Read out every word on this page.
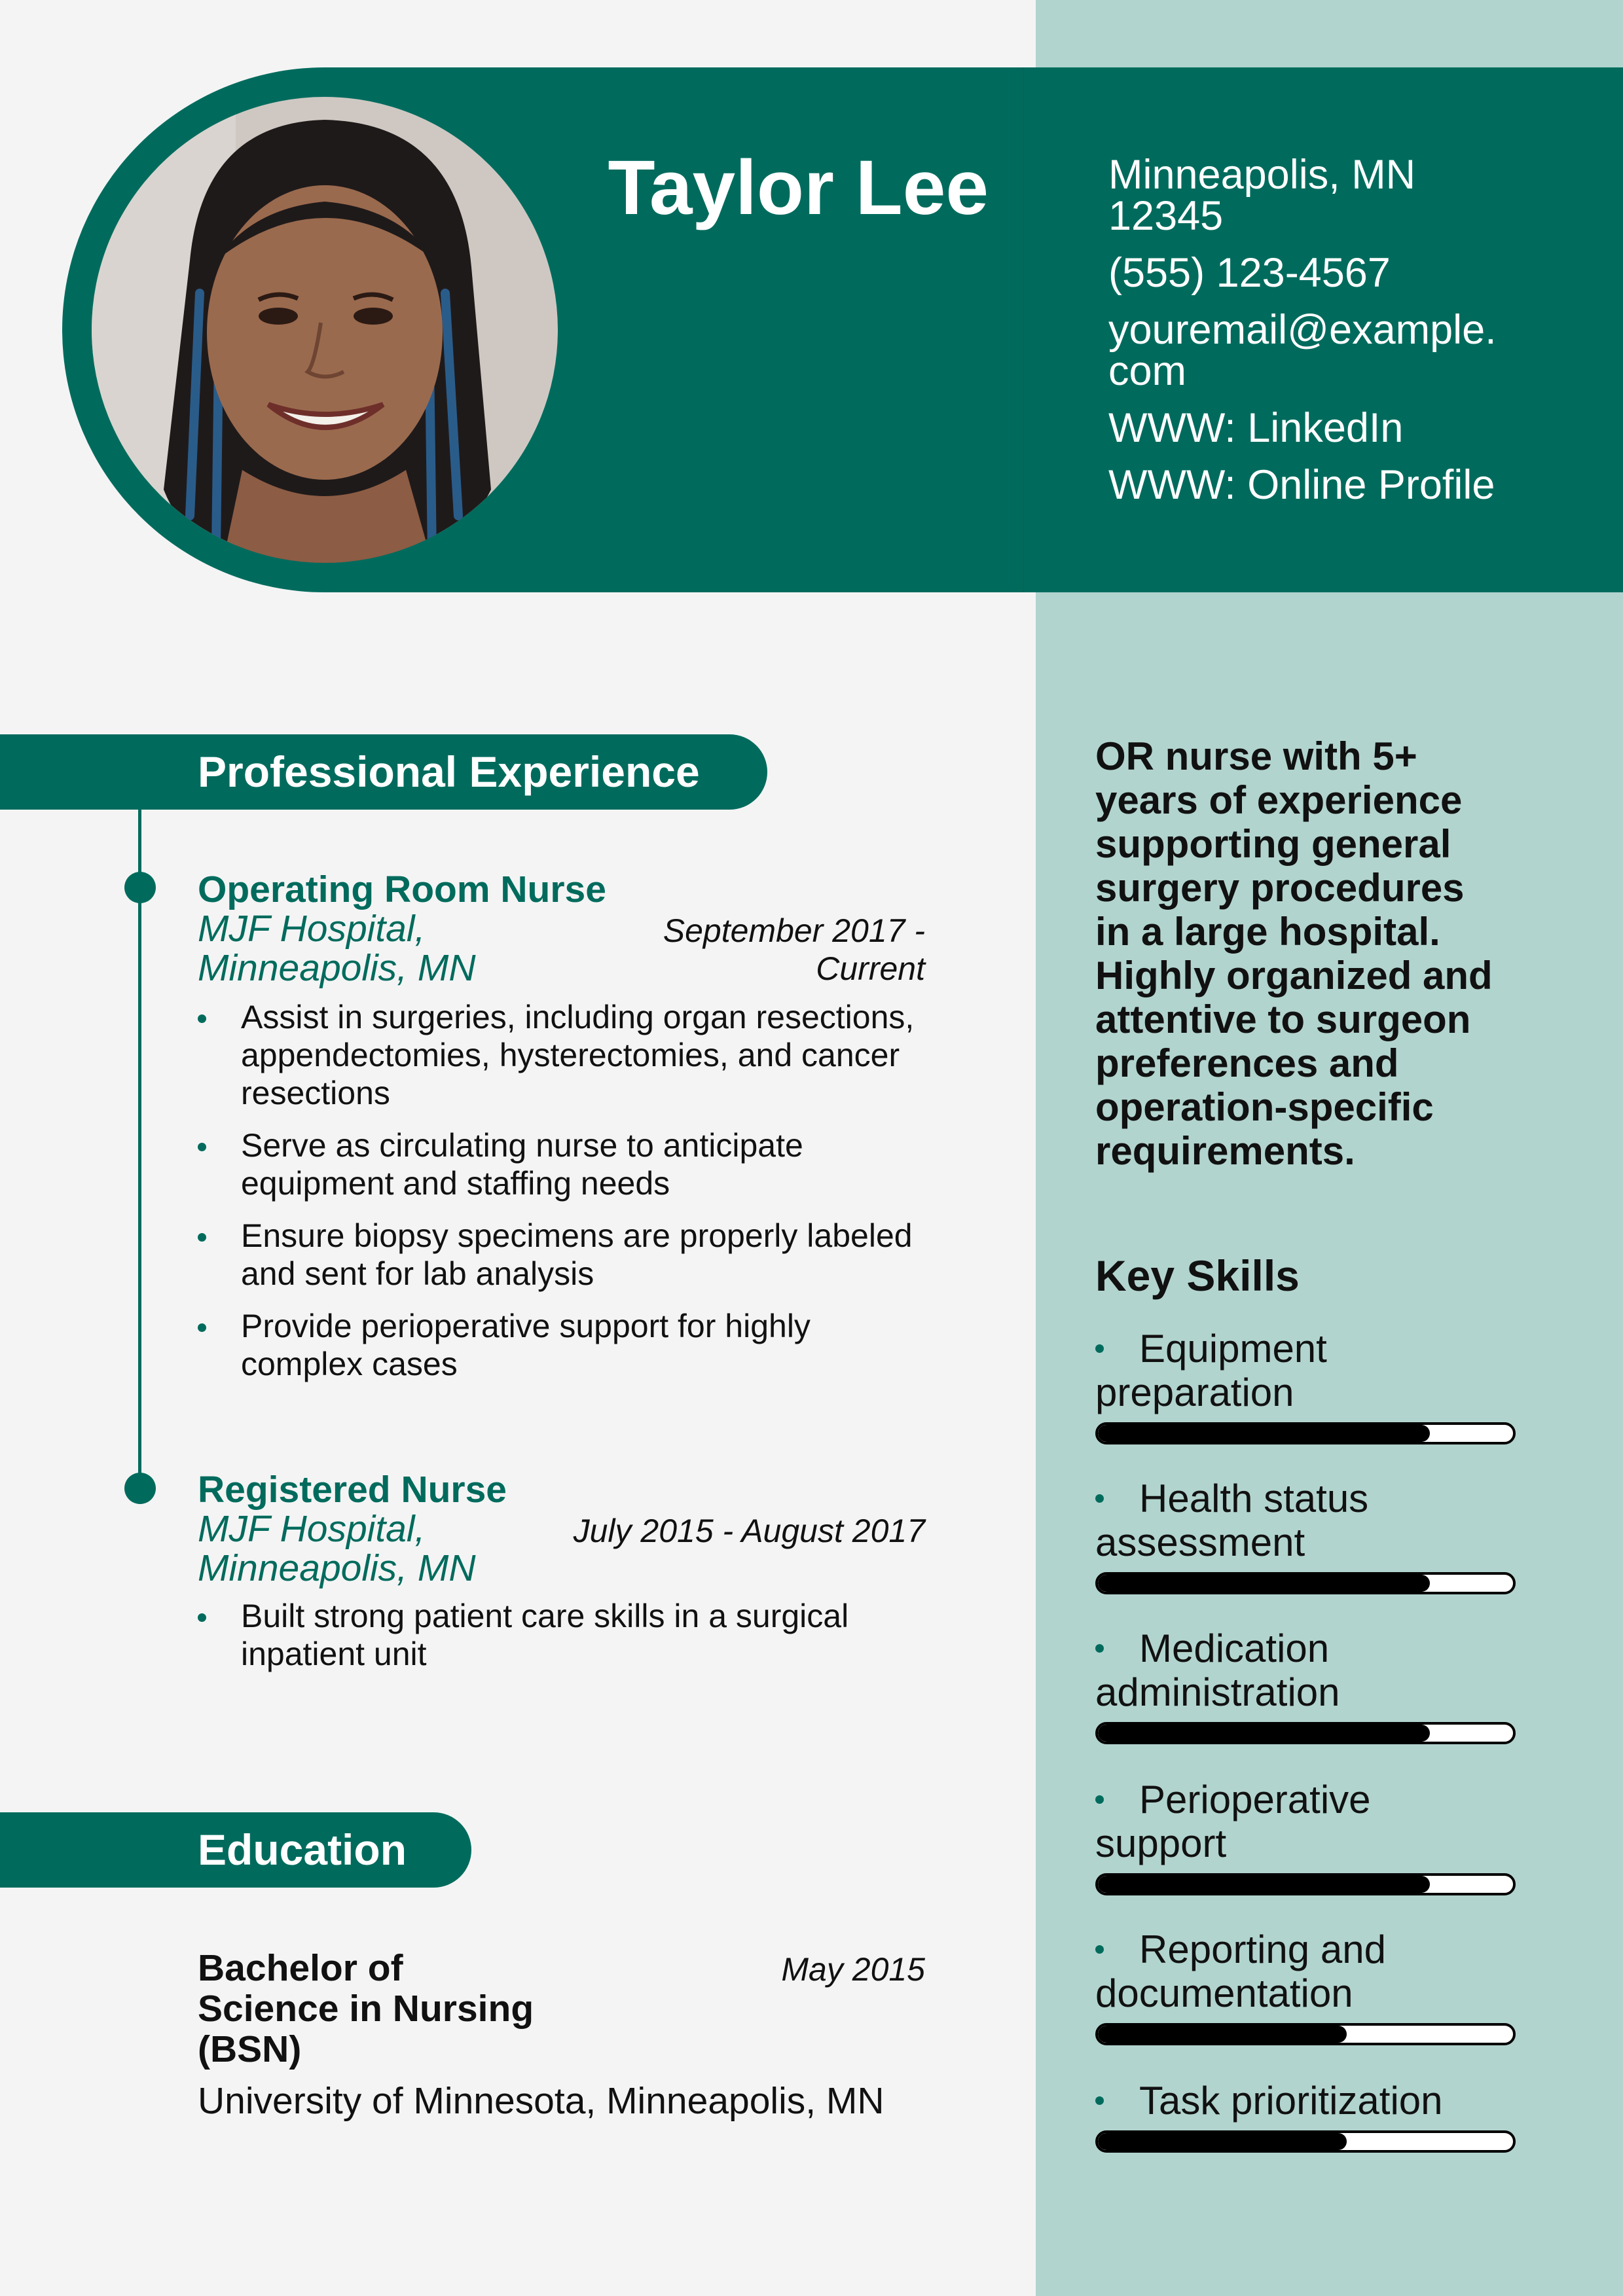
Taylor Lee	Minneapolis, MN
12345
(555) 123-4567
youremail@example.
com
WWW: LinkedIn
WWW: Online Profile
Professional Experience
Operating Room Nurse
MJF Hospital,
Minneapolis, MN
September 2017 -
Current
Assist in surgeries, including organ resections, appendectomies, hysterectomies, and cancer resections
Serve as circulating nurse to anticipate equipment and staffing needs
Ensure biopsy specimens are properly labeled and sent for lab analysis
Provide perioperative support for highly complex cases
Registered Nurse
MJF Hospital,
Minneapolis, MN
July 2015 - August 2017
Built strong patient care skills in a surgical inpatient unit
Education
Bachelor of
Science in Nursing
(BSN)
May 2015
University of Minnesota, Minneapolis, MN
OR nurse with 5+
years of experience
supporting general
surgery procedures
in a large hospital.
Highly organized and
attentive to surgeon
preferences and
operation-specific
requirements.
Key Skills
Equipment
preparation
Health status
assessment
Medication
administration
Perioperative
support
Reporting and
documentation
Task prioritization
